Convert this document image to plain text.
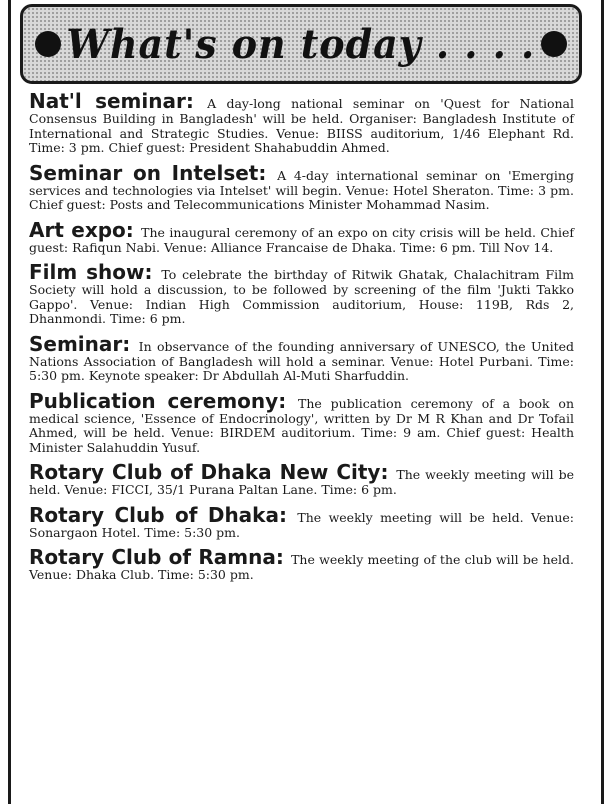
What's on today . . . .

Nat'l seminar: A day-long national seminar on 'Quest for National Consensus Building in Bangladesh' will be held. Organiser: Bangladesh Institute of International and Strategic Studies. Venue: BIISS auditorium, 1/46 Elephant Rd. Time: 3 pm. Chief guest: President Shahabuddin Ahmed.

Seminar on Intelset: A 4-day international seminar on 'Emerging services and technologies via Intelset' will begin. Venue: Hotel Sheraton. Time: 3 pm. Chief guest: Posts and Telecommunications Minister Mohammad Nasim.

Art expo: The inaugural ceremony of an expo on city crisis will be held. Chief guest: Rafiqun Nabi. Venue: Alliance Francaise de Dhaka. Time: 6 pm. Till Nov 14.

Film show: To celebrate the birthday of Ritwik Ghatak, Chalachitram Film Society will hold a discussion, to be followed by screening of the film 'Jukti Takko Gappo'. Venue: Indian High Commission auditorium, House: 119B, Rds 2, Dhanmondi. Time: 6 pm.

Seminar: In observance of the founding anniversary of UNESCO, the United Nations Association of Bangladesh will hold a seminar. Venue: Hotel Purbani. Time: 5:30 pm. Keynote speaker: Dr Abdullah Al-Muti Sharfuddin.

Publication ceremony: The publication ceremony of a book on medical science, 'Essence of Endocrinology', written by Dr M R Khan and Dr Tofail Ahmed, will be held. Venue: BIRDEM auditorium. Time: 9 am. Chief guest: Health Minister Salahuddin Yusuf.

Rotary Club of Dhaka New City: The weekly meeting will be held. Venue: FICCI, 35/1 Purana Paltan Lane. Time: 6 pm.

Rotary Club of Dhaka: The weekly meeting will be held. Venue: Sonargaon Hotel. Time: 5:30 pm.

Rotary Club of Ramna: The weekly meeting of the club will be held. Venue: Dhaka Club. Time: 5:30 pm.
